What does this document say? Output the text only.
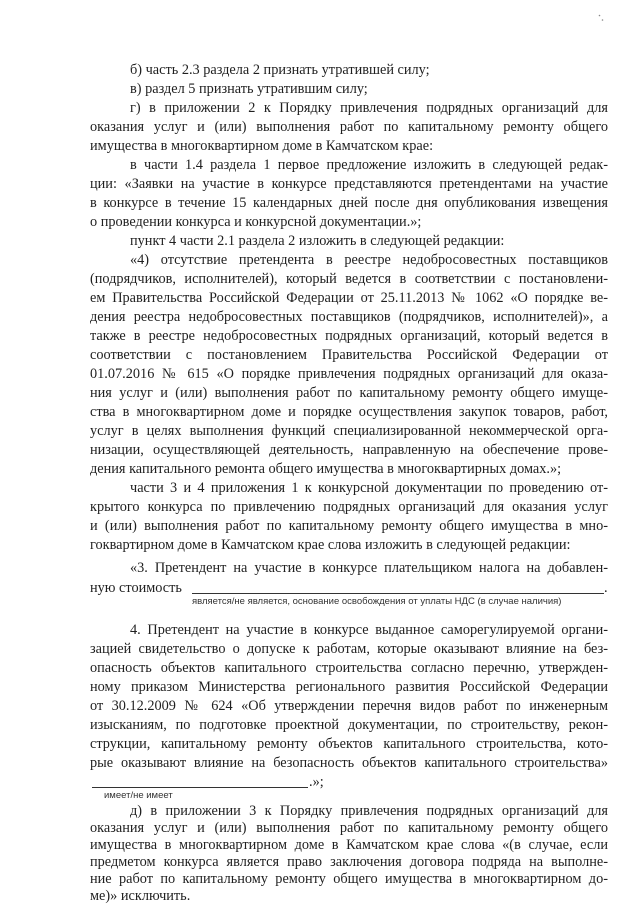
б) часть 2.3 раздела 2 признать утратившей силу;
в) раздел 5 признать утратившим силу;
г) в приложении 2 к Порядку привлечения подрядных организаций для
оказания услуг и (или) выполнения работ по капитальному ремонту общего
имущества в многоквартирном доме в Камчатском крае:
в части 1.4 раздела 1 первое предложение изложить в следующей редак-
ции: «Заявки на участие в конкурсе представляются претендентами на участие
в конкурсе в течение 15 календарных дней после дня опубликования извещения
о проведении конкурса и конкурсной документации.»;
пункт 4 части 2.1 раздела 2 изложить в следующей редакции:
«4) отсутствие претендента в реестре недобросовестных поставщиков
(подрядчиков, исполнителей), который ведется в соответствии с постановлени-
ем Правительства Российской Федерации от 25.11.2013 № 1062 «О порядке ве-
дения реестра недобросовестных поставщиков (подрядчиков, исполнителей)», а
также в реестре недобросовестных подрядных организаций, который ведется в
соответствии с постановлением Правительства Российской Федерации от
01.07.2016 № 615 «О порядке привлечения подрядных организаций для оказа-
ния услуг и (или) выполнения работ по капитальному ремонту общего имуще-
ства в многоквартирном доме и порядке осуществления закупок товаров, работ,
услуг в целях выполнения функций специализированной некоммерческой орга-
низации, осуществляющей деятельность, направленную на обеспечение прове-
дения капитального ремонта общего имущества в многоквартирных домах.»;
части 3 и 4 приложения 1 к конкурсной документации по проведению от-
крытого конкурса по привлечению подрядных организаций для оказания услуг
и (или) выполнения работ по капитальному ремонту общего имущества в мно-
гоквартирном доме в Камчатском крае слова изложить в следующей редакции:
«3. Претендент на участие в конкурсе плательщиком налога на добавлен-
ную стоимость	.
является/не является, основание освобождения от уплаты НДС (в случае наличия)
4. Претендент на участие в конкурсе выданное саморегулируемой органи-
зацией свидетельство о допуске к работам, которые оказывают влияние на без-
опасность объектов капитального строительства согласно перечню, утвержден-
ному приказом Министерства регионального развития Российской Федерации
от 30.12.2009 № 624 «Об утверждении перечня видов работ по инженерным
изысканиям, по подготовке проектной документации, по строительству, рекон-
струкции, капитальному ремонту объектов капитального строительства, кото-
рые оказывают влияние на безопасность объектов капитального строительства»
.»;
имеет/не имеет
д) в приложении 3 к Порядку привлечения подрядных организаций для
оказания услуг и (или) выполнения работ по капитальному ремонту общего
имущества в многоквартирном доме в Камчатском крае слова «(в случае, если
предметом конкурса является право заключения договора подряда на выполне-
ние работ по капитальному ремонту общего имущества в многоквартирном до-
ме)» исключить.
